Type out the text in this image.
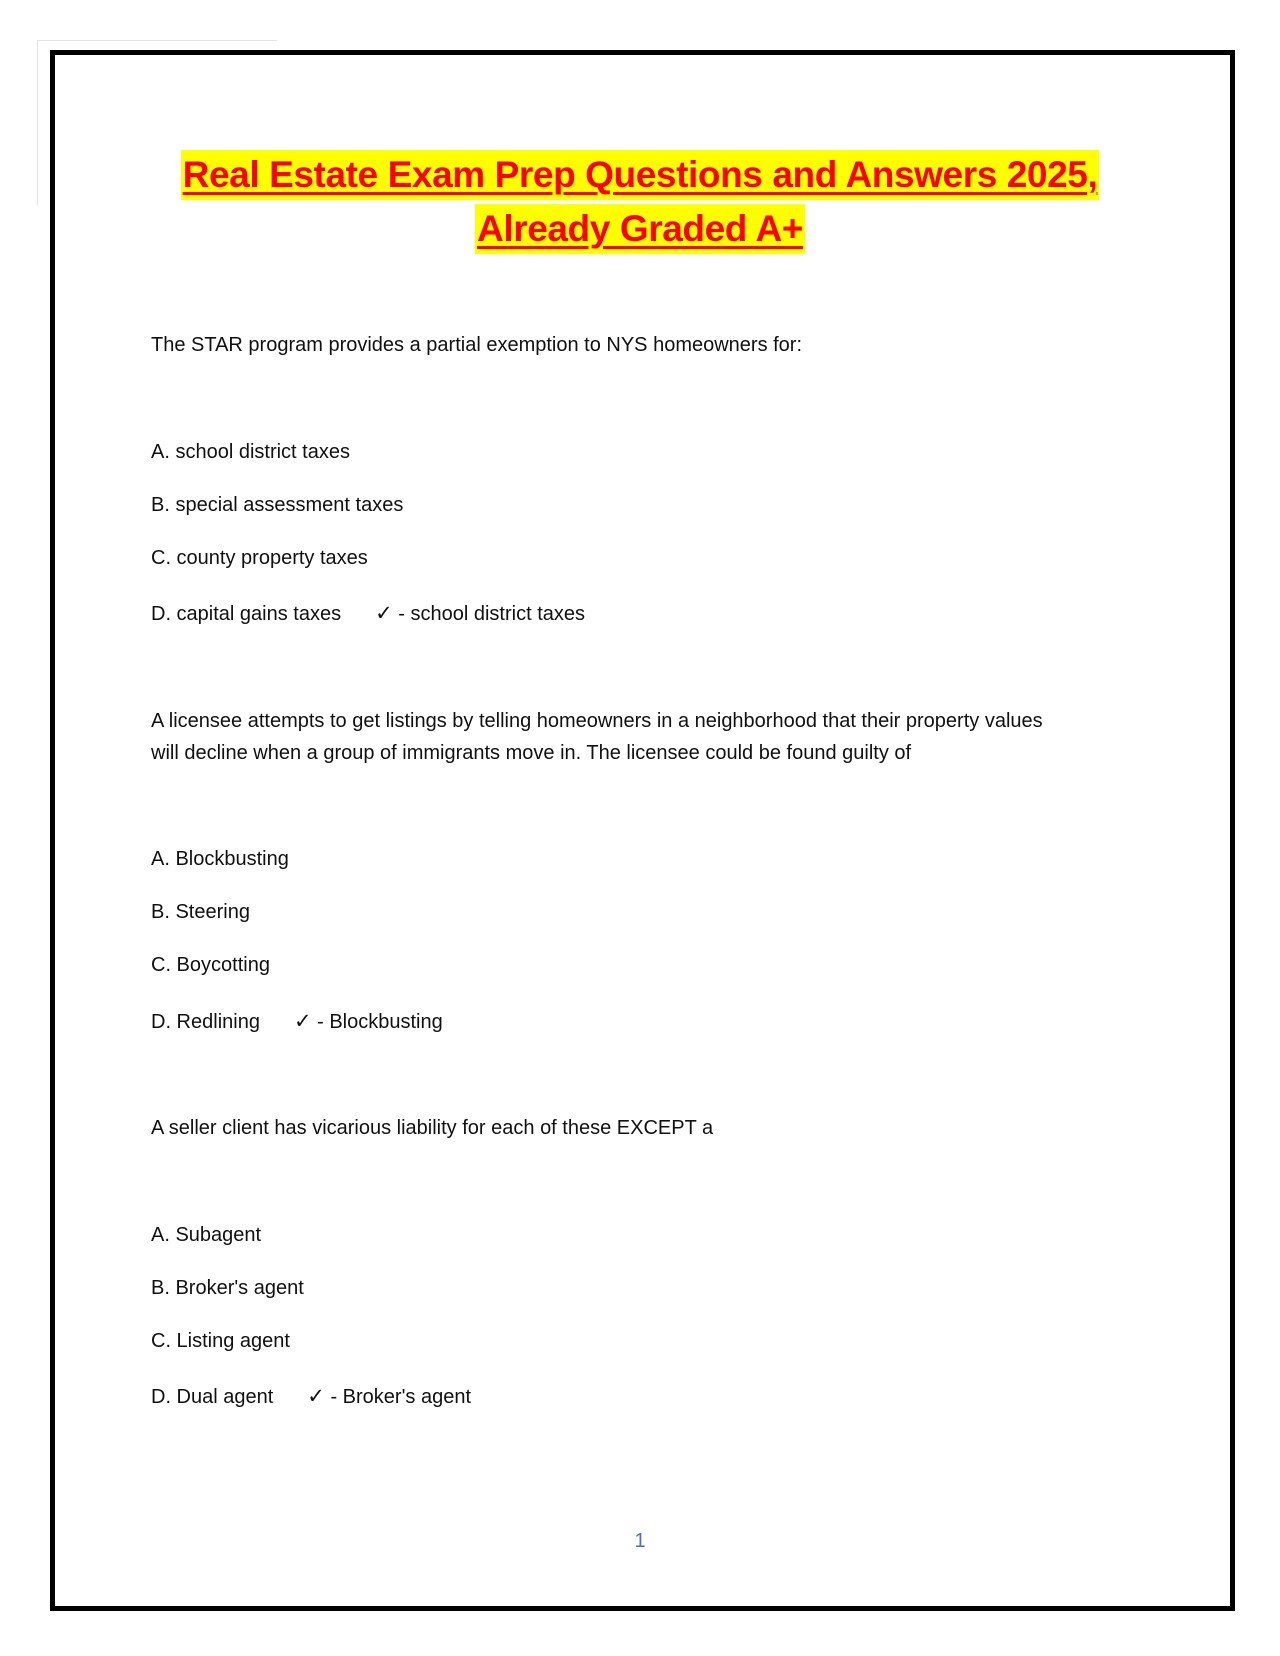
Real Estate Exam Prep Questions and Answers 2025,
Already Graded A+
The STAR program provides a partial exemption to NYS homeowners for:
A. school district taxes
B. special assessment taxes
C. county property taxes
D. capital gains taxes ✓ - school district taxes
A licensee attempts to get listings by telling homeowners in a neighborhood that their property values
will decline when a group of immigrants move in. The licensee could be found guilty of
A. Blockbusting
B. Steering
C. Boycotting
D. Redlining ✓ - Blockbusting
A seller client has vicarious liability for each of these EXCEPT a
A. Subagent
B. Broker's agent
C. Listing agent
D. Dual agent ✓ - Broker's agent
1
